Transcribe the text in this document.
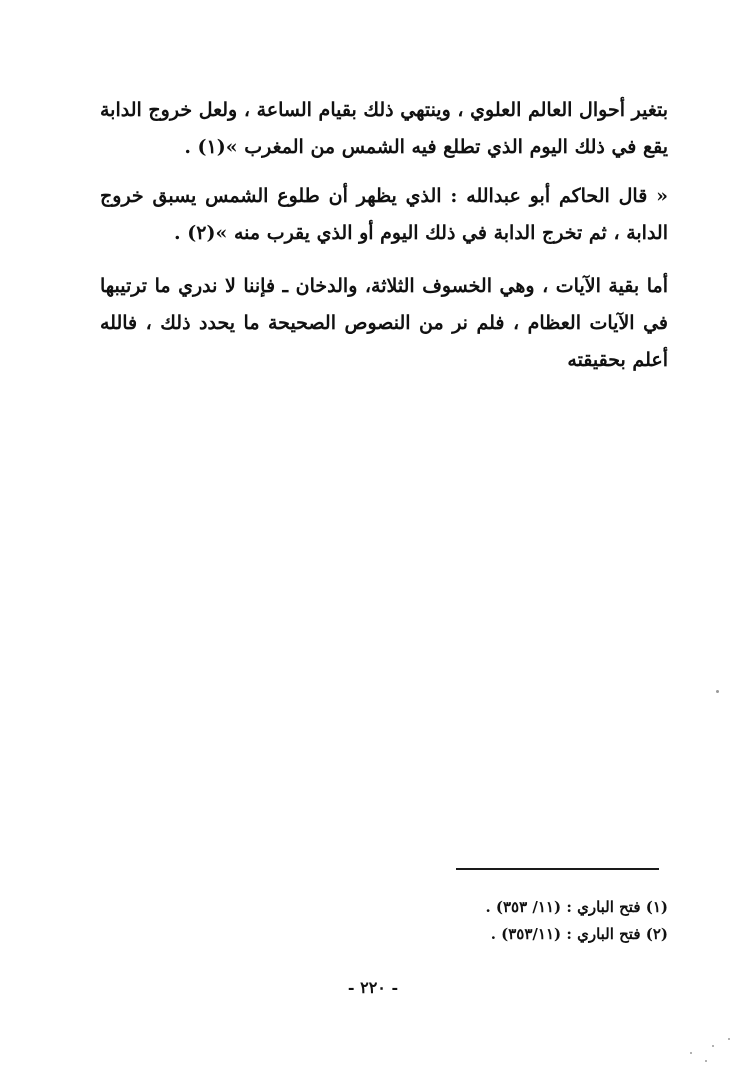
بتغير أحوال العالم العلوي ، وينتهي ذلك بقيام الساعة ، ولعل خروج الدابة يقع في ذلك اليوم الذي تطلع فيه الشمس من المغرب »(١) .

« قال الحاكم أبو عبدالله : الذي يظهر أن طلوع الشمس يسبق خروج الدابة ، ثم تخرج الدابة في ذلك اليوم أو الذي يقرب منه »(٢) .

أما بقية الآيات ، وهي الخسوف الثلاثة، والدخان ـ فإننا لا ندري ما ترتيبها في الآيات العظام ، فلم نر من النصوص الصحيحة ما يحدد ذلك ، فالله أعلم بحقيقته

(١) فتح الباري : (١١/ ٣٥٣) .
(٢) فتح الباري : (٣٥٣/١١) .
- ٢٢٠ -
